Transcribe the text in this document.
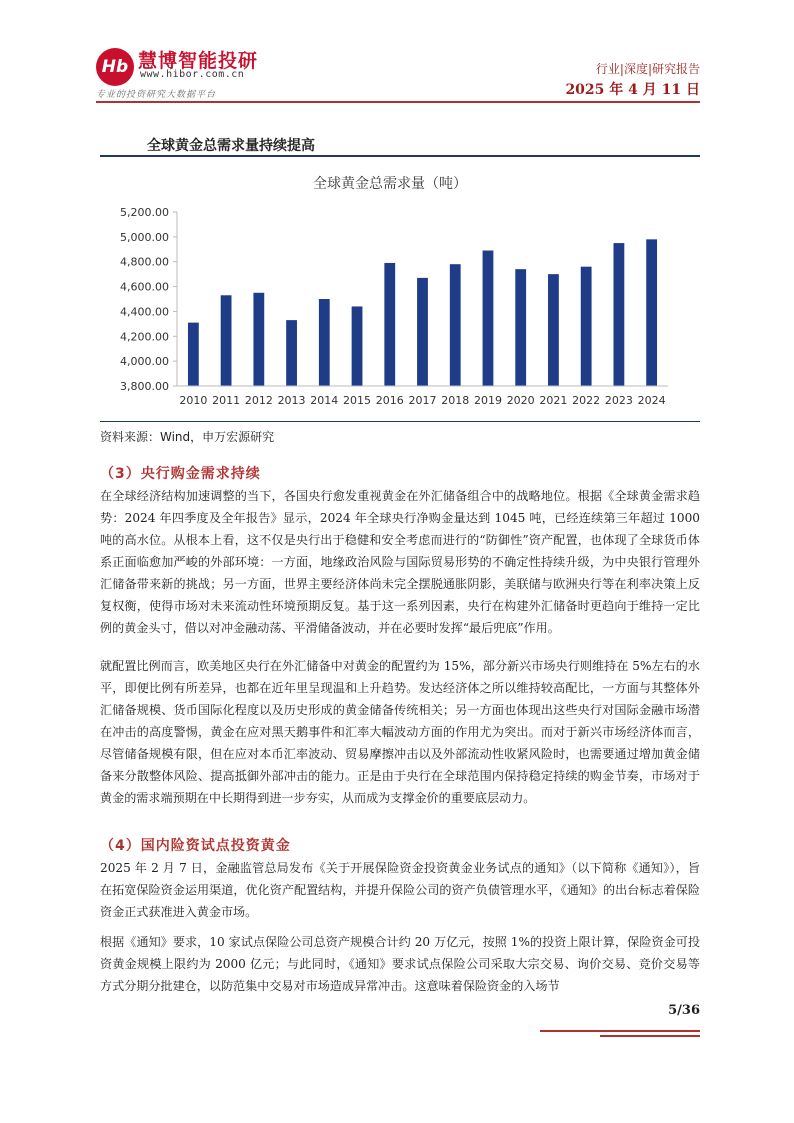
Hb 慧博智能投研
www.hibor.com.cn
专业的投资研究大数据平台
行业|深度|研究报告
2025 年 4 月 11 日
全球黄金总需求量持续提高
全球黄金总需求量（吨）
3,800.00
4,000.00
4,200.00
4,400.00
4,600.00
4,800.00
5,000.00
5,200.00
2010 2011 2012 2013 2014 2015 2016 2017 2018 2019 2020 2021 2022 2023 2024
资料来源：Wind，申万宏源研究
（3）央行购金需求持续

在全球经济结构加速调整的当下，各国央行愈发重视黄金在外汇储备组合中的战略地位。根据《全球黄金需求趋势：2024 年四季度及全年报告》显示，2024 年全球央行净购金量达到 1045 吨，已经连续第三年超过 1000 吨的高水位。从根本上看，这不仅是央行出于稳健和安全考虑而进行的“防御性”资产配置，也体现了全球货币体系正面临愈加严峻的外部环境：一方面，地缘政治风险与国际贸易形势的不确定性持续升级，为中央银行管理外汇储备带来新的挑战；另一方面，世界主要经济体尚未完全摆脱通胀阴影，美联储与欧洲央行等在利率决策上反复权衡，使得市场对未来流动性环境预期反复。基于这一系列因素，央行在构建外汇储备时更趋向于维持一定比例的黄金头寸，借以对冲金融动荡、平滑储备波动，并在必要时发挥“最后兜底”作用。

就配置比例而言，欧美地区央行在外汇储备中对黄金的配置约为 15%，部分新兴市场央行则维持在 5%左右的水平，即便比例有所差异，也都在近年里呈现温和上升趋势。发达经济体之所以维持较高配比，一方面与其整体外汇储备规模、货币国际化程度以及历史形成的黄金储备传统相关；另一方面也体现出这些央行对国际金融市场潜在冲击的高度警惕，黄金在应对黑天鹅事件和汇率大幅波动方面的作用尤为突出。而对于新兴市场经济体而言，尽管储备规模有限，但在应对本币汇率波动、贸易摩擦冲击以及外部流动性收紧风险时，也需要通过增加黄金储备来分散整体风险、提高抵御外部冲击的能力。正是由于央行在全球范围内保持稳定持续的购金节奏，市场对于黄金的需求端预期在中长期得到进一步夯实，从而成为支撑金价的重要底层动力。

（4）国内险资试点投资黄金

2025 年 2 月 7 日，金融监管总局发布《关于开展保险资金投资黄金业务试点的通知》（以下简称《通知》），旨在拓宽保险资金运用渠道，优化资产配置结构，并提升保险公司的资产负债管理水平，《通知》的出台标志着保险资金正式获准进入黄金市场。

根据《通知》要求，10 家试点保险公司总资产规模合计约 20 万亿元，按照 1%的投资上限计算，保险资金可投资黄金规模上限约为 2000 亿元；与此同时，《通知》要求试点保险公司采取大宗交易、询价交易、竞价交易等方式分期分批建仓，以防范集中交易对市场造成异常冲击。这意味着保险资金的入场节

5/36
